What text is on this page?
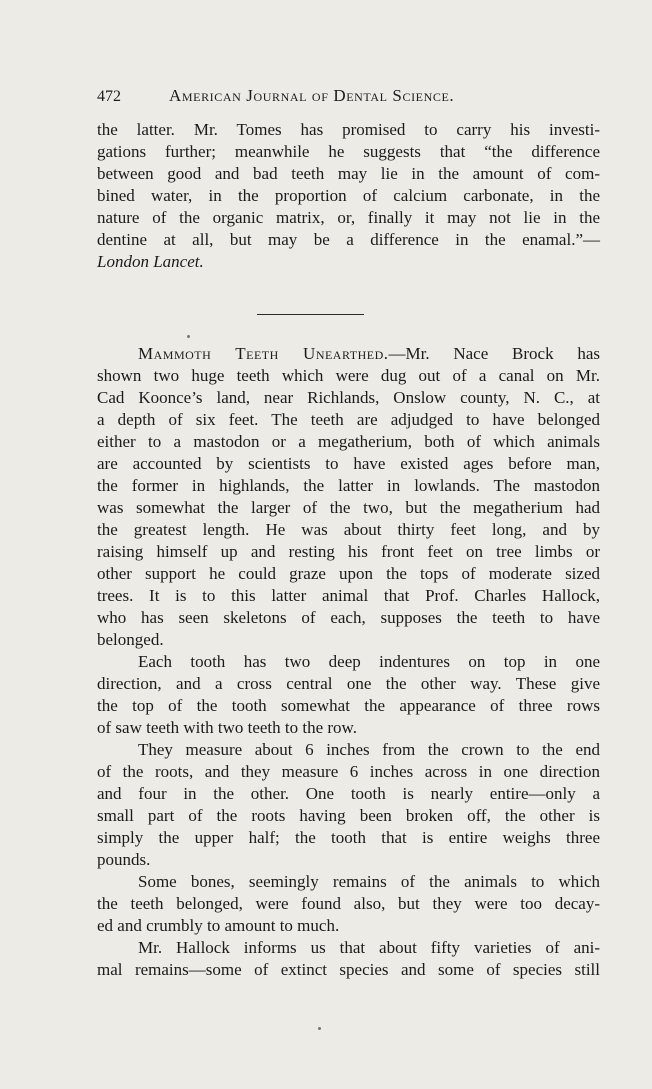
472	American Journal of Dental Science.
the latter. Mr. Tomes has promised to carry his investi-
gations further; meanwhile he suggests that “the difference
between good and bad teeth may lie in the amount of com-
bined water, in the proportion of calcium carbonate, in the
nature of the organic matrix, or, finally it may not lie in the
dentine at all, but may be a difference in the enamal.”—
London Lancet.
Mammoth Teeth Unearthed.—Mr. Nace Brock has
shown two huge teeth which were dug out of a canal on Mr.
Cad Koonce’s land, near Richlands, Onslow county, N. C., at
a depth of six feet. The teeth are adjudged to have belonged
either to a mastodon or a megatherium, both of which animals
are accounted by scientists to have existed ages before man,
the former in highlands, the latter in lowlands. The mastodon
was somewhat the larger of the two, but the megatherium had
the greatest length. He was about thirty feet long, and by
raising himself up and resting his front feet on tree limbs or
other support he could graze upon the tops of moderate sized
trees. It is to this latter animal that Prof. Charles Hallock,
who has seen skeletons of each, supposes the teeth to have
belonged.
Each tooth has two deep indentures on top in one
direction, and a cross central one the other way. These give
the top of the tooth somewhat the appearance of three rows
of saw teeth with two teeth to the row.
They measure about 6 inches from the crown to the end
of the roots, and they measure 6 inches across in one direction
and four in the other. One tooth is nearly entire—only a
small part of the roots having been broken off, the other is
simply the upper half; the tooth that is entire weighs three
pounds.
Some bones, seemingly remains of the animals to which
the teeth belonged, were found also, but they were too decay-
ed and crumbly to amount to much.
Mr. Hallock informs us that about fifty varieties of ani-
mal remains—some of extinct species and some of species still
